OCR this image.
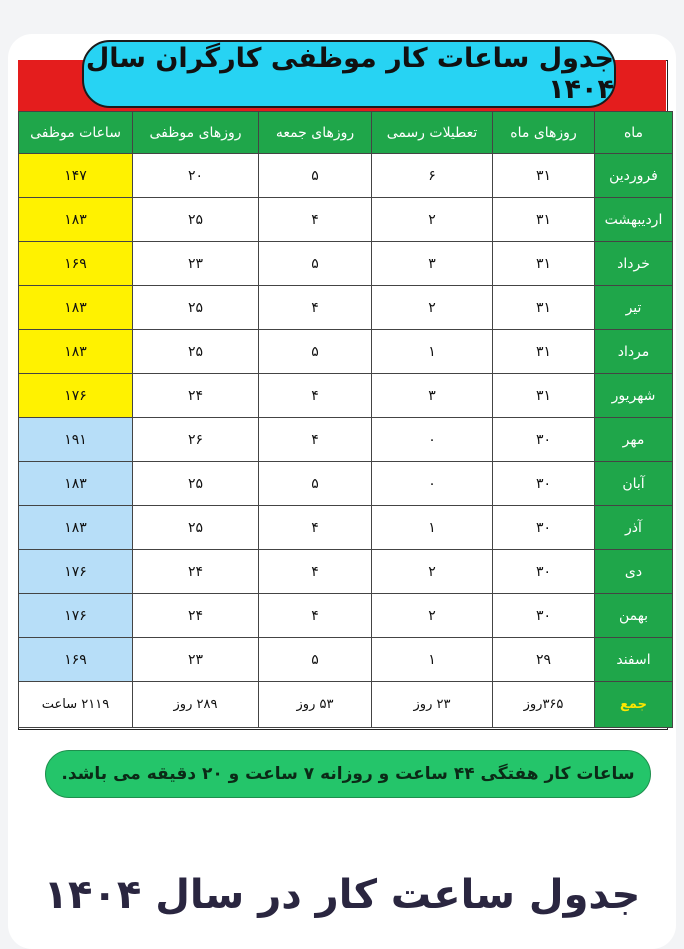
ساعات موظفی	روزهای موظفی	روزهای جمعه	تعطیلات رسمی	روزهای ماه	ماه
۱۴۷	۲۰	۵	۶	۳۱	فروردین
۱۸۳	۲۵	۴	۲	۳۱	اردیبهشت
۱۶۹	۲۳	۵	۳	۳۱	خرداد
۱۸۳	۲۵	۴	۲	۳۱	تیر
۱۸۳	۲۵	۵	۱	۳۱	مرداد
۱۷۶	۲۴	۴	۳	۳۱	شهریور
۱۹۱	۲۶	۴	۰	۳۰	مهر
۱۸۳	۲۵	۵	۰	۳۰	آبان
۱۸۳	۲۵	۴	۱	۳۰	آذر
۱۷۶	۲۴	۴	۲	۳۰	دی
۱۷۶	۲۴	۴	۲	۳۰	بهمن
۱۶۹	۲۳	۵	۱	۲۹	اسفند
۲۱۱۹ ساعت	۲۸۹ روز	۵۳ روز	۲۳ روز	۳۶۵روز	جمع
جدول ساعات کار موظفی کارگران سال ۱۴۰۴
ساعات کار هفتگی ۴۴ ساعت و روزانه ۷ ساعت و ۲۰ دقیقه می باشد.
جدول ساعت کار در سال ۱۴۰۴
